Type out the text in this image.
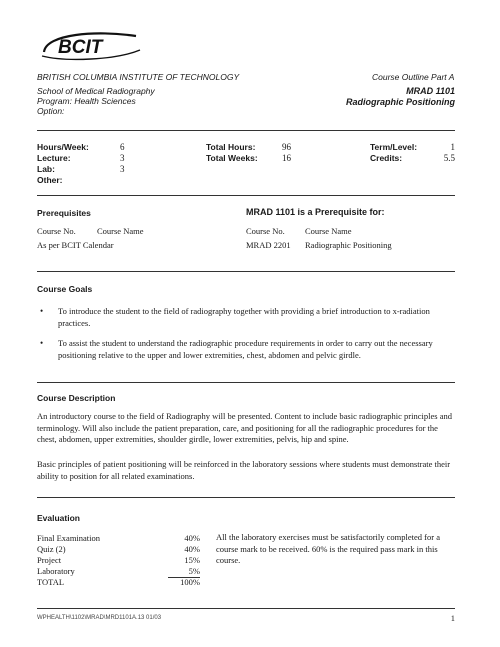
BCIT
BRITISH COLUMBIA INSTITUTE OF TECHNOLOGY	Course Outline Part A
School of Medical Radiography
Program: Health Sciences
Option:
MRAD 1101
Radiographic Positioning
Hours/Week:	6
Lecture:	3
Lab:	3
Other:
Total Hours:	96
Total Weeks:	16
Term/Level:	1
Credits:	5.5
Prerequisites	MRAD 1101 is a Prerequisite for:
Course No.	Course Name
As per BCIT Calendar
Course No. Course Name
MRAD 2201 Radiographic Positioning
Course Goals
• To introduce the student to the field of radiography together with providing a brief introduction to x-radiation practices.
• To assist the student to understand the radiographic procedure requirements in order to carry out the necessary positioning relative to the upper and lower extremities, chest, abdomen and pelvic girdle.
Course Description
An introductory course to the field of Radiography will be presented. Content to include basic radiographic principles and terminology. Will also include the patient preparation, care, and positioning for all the radiographic procedures for the chest, abdomen, upper extremities, shoulder girdle, lower extremities, pelvis, hip and spine.
Basic principles of patient positioning will be reinforced in the laboratory sessions where students must demonstrate their ability to position for all related examinations.
Evaluation
Final Examination	40%
Quiz (2)	40%
Project	15%
Laboratory	5%
TOTAL	100%
All the laboratory exercises must be satisfactorily completed for a course mark to be received. 60% is the required pass mark in this course.
WPHEALTH\1102\MRAD\MRD1101A.13 01/03	1
